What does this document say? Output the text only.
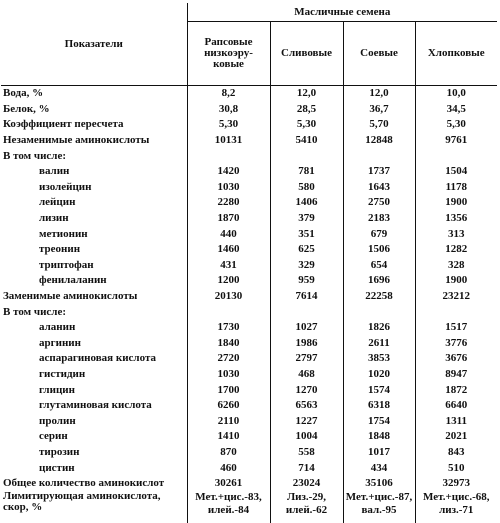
Показатели	Масличные семена			
	Рапсовые низкоэру-ковые	Сливовые	Соевые	Хлопковые
Вода, %	8,2	12,0	12,0	10,0
Белок, %	30,8	28,5	36,7	34,5
Коэффициент пересчета	5,30	5,30	5,70	5,30
Незаменимые аминокислоты	10131	5410	12848	9761
В том числе:				
валин	1420	781	1737	1504
изолейцин	1030	580	1643	1178
лейцин	2280	1406	2750	1900
лизин	1870	379	2183	1356
метионин	440	351	679	313
треонин	1460	625	1506	1282
триптофан	431	329	654	328
фенилаланин	1200	959	1696	1900
Заменимые аминокислоты	20130	7614	22258	23212
В том числе:				
аланин	1730	1027	1826	1517
аргинин	1840	1986	2611	3776
аспарагиновая кислота	2720	2797	3853	3676
гистидин	1030	468	1020	8947
глицин	1700	1270	1574	1872
глутаминовая кислота	6260	6563	6318	6640
пролин	2110	1227	1754	1311
серин	1410	1004	1848	2021
тирозин	870	558	1017	843
цистин	460	714	434	510
Общее количество аминокислот	30261	23024	35106	32973
Лимитирующая аминокислота, скор, %	Мет.+цис.-83, илей.-84	Лиз.-29, илей.-62	Мет.+цис.-87, вал.-95	Мет.+цис.-68, лиз.-71
